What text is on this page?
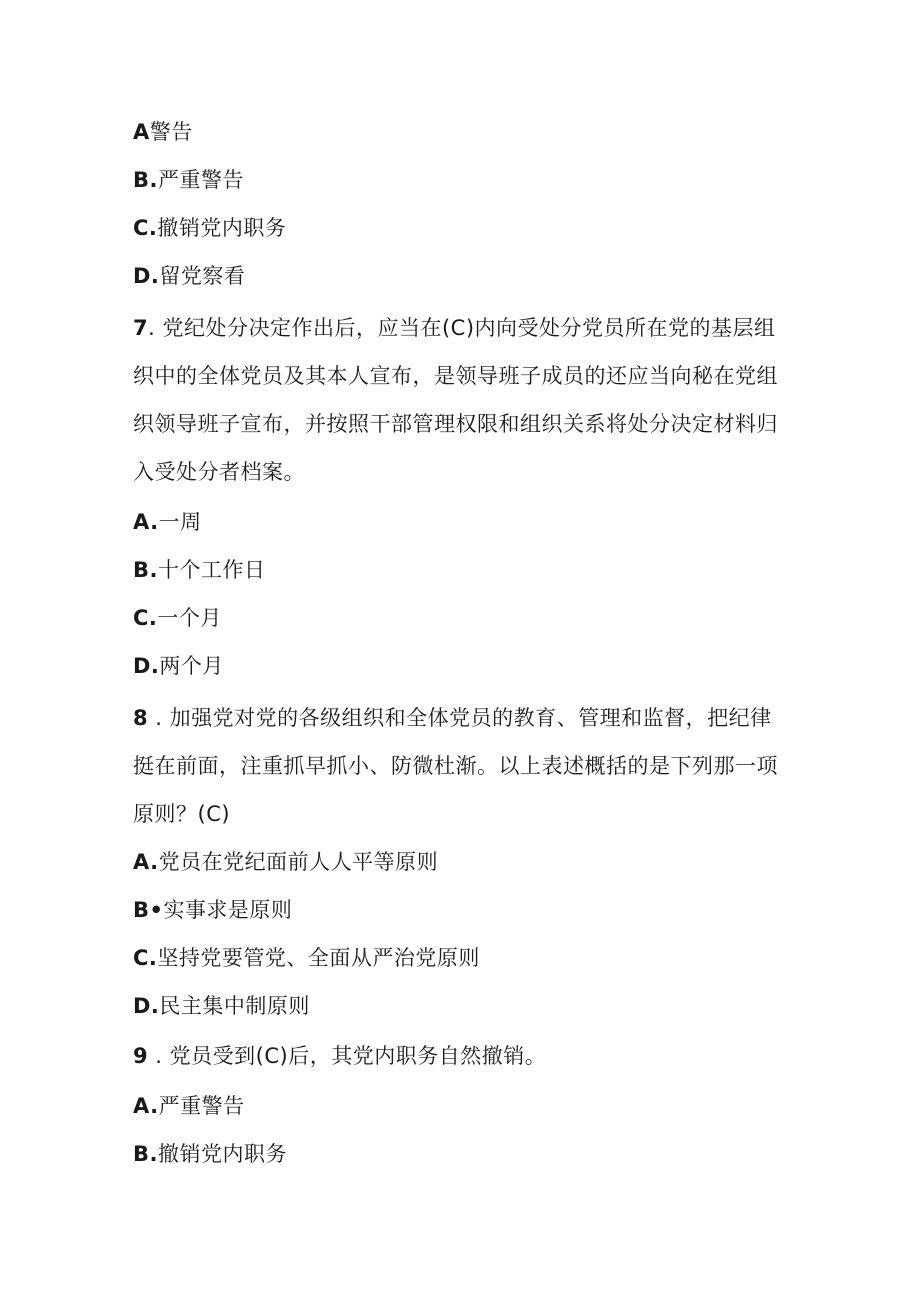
A警告
B.严重警告
C.撤销党内职务
D.留党察看
7. 党纪处分决定作出后，应当在(C)内向受处分党员所在党的基层组
织中的全体党员及其本人宣布，是领导班子成员的还应当向秘在党组
织领导班子宣布，并按照干部管理权限和组织关系将处分决定材料归
入受处分者档案。
A.一周
B.十个工作日
C.一个月
D.两个月
8 . 加强党对党的各级组织和全体党员的教育、管理和监督，把纪律
挺在前面，注重抓早抓小、防微杜渐。以上表述概括的是下列那一项
原则？(C)
A.党员在党纪面前人人平等原则
B•实事求是原则
C.坚持党要管党、全面从严治党原则
D.民主集中制原则
9 . 党员受到(C)后，其党内职务自然撤销。
A.严重警告
B.撤销党内职务
